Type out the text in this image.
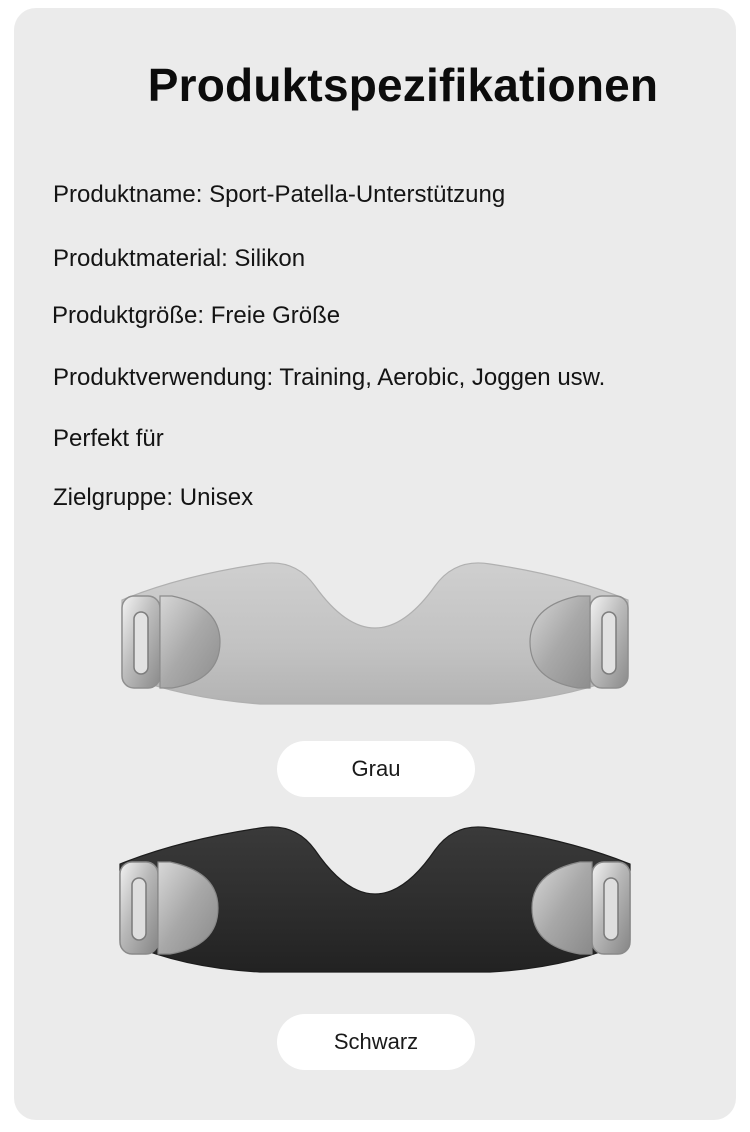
Produktspezifikationen

Produktname: Sport-Patella-Unterstützung

Produktmaterial: Silikon

Produktgröße: Freie Größe

Produktverwendung: Training, Aerobic, Joggen usw.

Perfekt für

Zielgruppe: Unisex

Grau
Schwarz
